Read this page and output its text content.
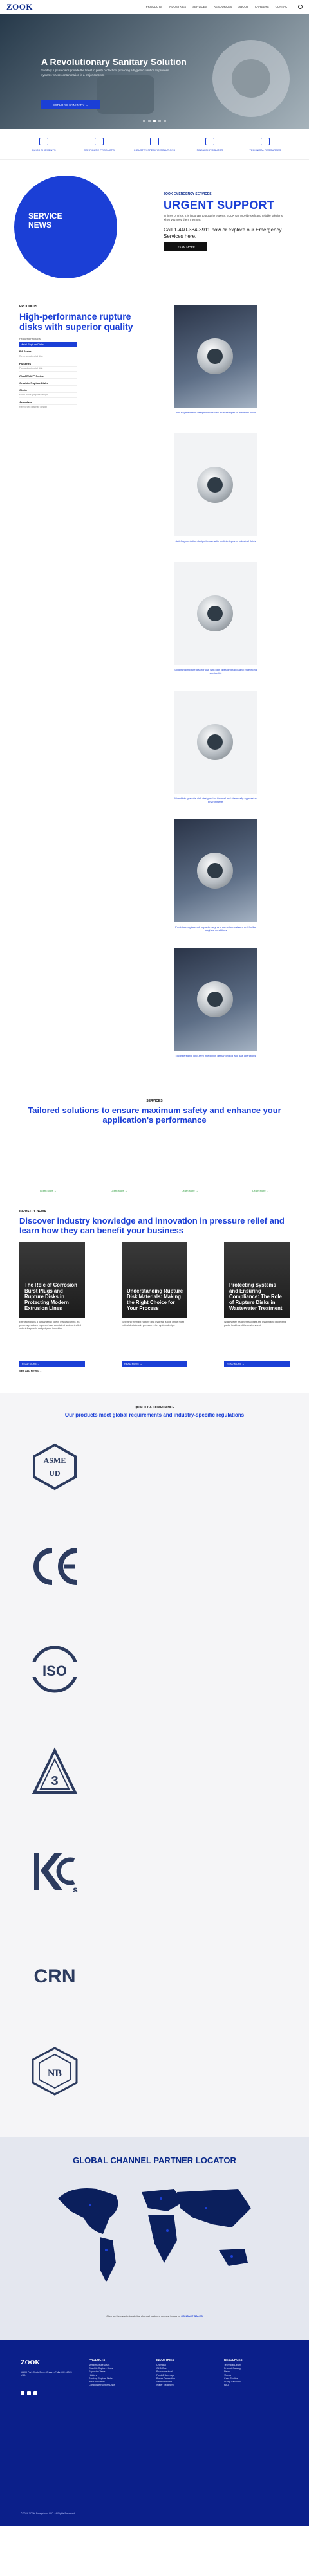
ZOOK	PRODUCTS INDUSTRIES SERVICES RESOURCES ABOUT CAREERS CONTACT
A Revolutionary Sanitary Solution

Sanitary rupture discs provide the finest in purity protection, providing a hygienic solution to process systems where contamination is a major concern.

EXPLORE SANITARY →
QUICK SHIPMENTS	CONFIGURE PRODUCTS	INDUSTRY-SPECIFIC SOLUTIONS	FIND A DISTRIBUTOR	TECHNICAL RESOURCES
SERVICE NEWS
ZOOK EMERGENCY SERVICES
URGENT SUPPORT
In times of crisis, it is important to trust the experts. ZOOK can provide swift and reliable solutions when you need them the most.
Call 1-440-384-3911 now or explore our Emergency Services here.
LEARN MORE
PRODUCTS
High-performance rupture disks with superior quality
Featured Products
Metal Rupture Disks
RA Series
Reverse-act metal disk
FA Series
Forward-act metal disk
QUANTUM™ Series
Graphite Rupture Disks
Gloria
Mono-block graphite design
Armorland
Reinforced graphite design
Anti-fragmentation design for use with multiple types of industrial fluids
Anti-fragmentation design for use with multiple types of industrial fluids
Solid metal rupture disk for use with high operating ratios and exceptional service life
Monolithic graphite disk designed for thermal and chemically aggressive environments
Precision-engineered, impact-ready, and corrosion-resistant unit for the toughest conditions
Engineered for long-term integrity in demanding oil and gas operations
SERVICES
Tailored solutions to ensure maximum safety and enhance your application's performance
Learn More →	Learn More →	Learn More →	Learn More →
INDUSTRY NEWS
Discover industry knowledge and innovation in pressure relief and learn how they can benefit your business
The Role of Corrosion Burst Plugs and Rupture Disks in Protecting Modern Extrusion Lines
Extrusion plays a fundamental role in manufacturing. Its process provides improved and consistent and controlled output for plastic and polymer industries.
READ MORE →
Understanding Rupture Disk Materials: Making the Right Choice for Your Process
Selecting the right rupture disk material is one of the most critical decisions in pressure relief system design.
READ MORE →
Protecting Systems and Ensuring Compliance: The Role of Rupture Disks in Wastewater Treatment
Wastewater treatment facilities are essential to protecting public health and the environment.
READ MORE →
SEE ALL NEWS →
QUALITY & COMPLIANCE
Our products meet global requirements and industry-specific regulations
ASME
UD
ISO
3
s
CRN
NB
GLOBAL CHANNEL PARTNER LOCATOR
Click on the map to locate the channel partners nearest to you or CONTACT SALES
ZOOK
16809 Park Circle Drive, Chagrin Falls, OH 44023 USA
PRODUCTS
Metal Rupture Disks
Graphite Rupture Disks
Explosion Vents
Holders
Sanitary Rupture Disks
Burst Indicators
Composite Rupture Disks
INDUSTRIES
Chemical
Oil & Gas
Pharmaceutical
Food & Beverage
Power Generation
Semiconductor
Water Treatment
RESOURCES
Technical Library
Product Catalog
News
Videos
Case Studies
Sizing Calculator
FAQ
© 2024 ZOOK Enterprises, LLC. All Rights Reserved.
